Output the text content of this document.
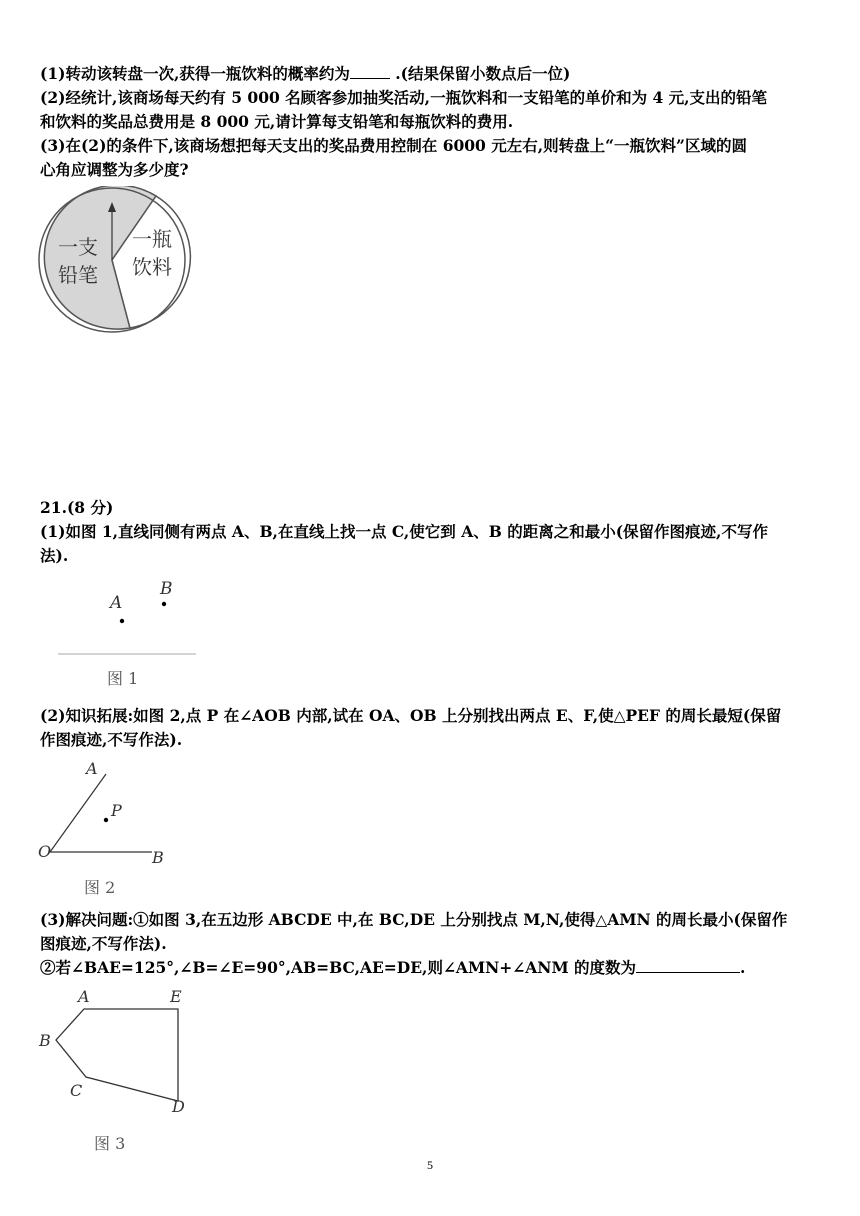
(1)转动该转盘一次,获得一瓶饮料的概率约为	.(结果保留小数点后一位)
(2)经统计,该商场每天约有 5 000 名顾客参加抽奖活动,一瓶饮料和一支铅笔的单价和为 4 元,支出的铅笔
和饮料的奖品总费用是 8 000 元,请计算每支铅笔和每瓶饮料的费用.
(3)在(2)的条件下,该商场想把每天支出的奖品费用控制在 6000 元左右,则转盘上“一瓶饮料”区域的圆
心角应调整为多少度?
一支
铅笔
一瓶
饮料
21.(8 分)
(1)如图 1,直线同侧有两点 A、B,在直线上找一点 C,使它到 A、B 的距离之和最小(保留作图痕迹,不写作
法).
A
B
图 1
(2)知识拓展:如图 2,点 P 在∠AOB 内部,试在 OA、OB 上分别找出两点 E、F,使△PEF 的周长最短(保留
作图痕迹,不写作法).
A
P
O	B
图 2
(3)解决问题:①如图 3,在五边形 ABCDE 中,在 BC,DE 上分别找点 M,N,使得△AMN 的周长最小(保留作
图痕迹,不写作法).
②若∠BAE=125°,∠B=∠E=90°,AB=BC,AE=DE,则∠AMN+∠ANM 的度数为	.
A	E
B
C
D
图 3
5
